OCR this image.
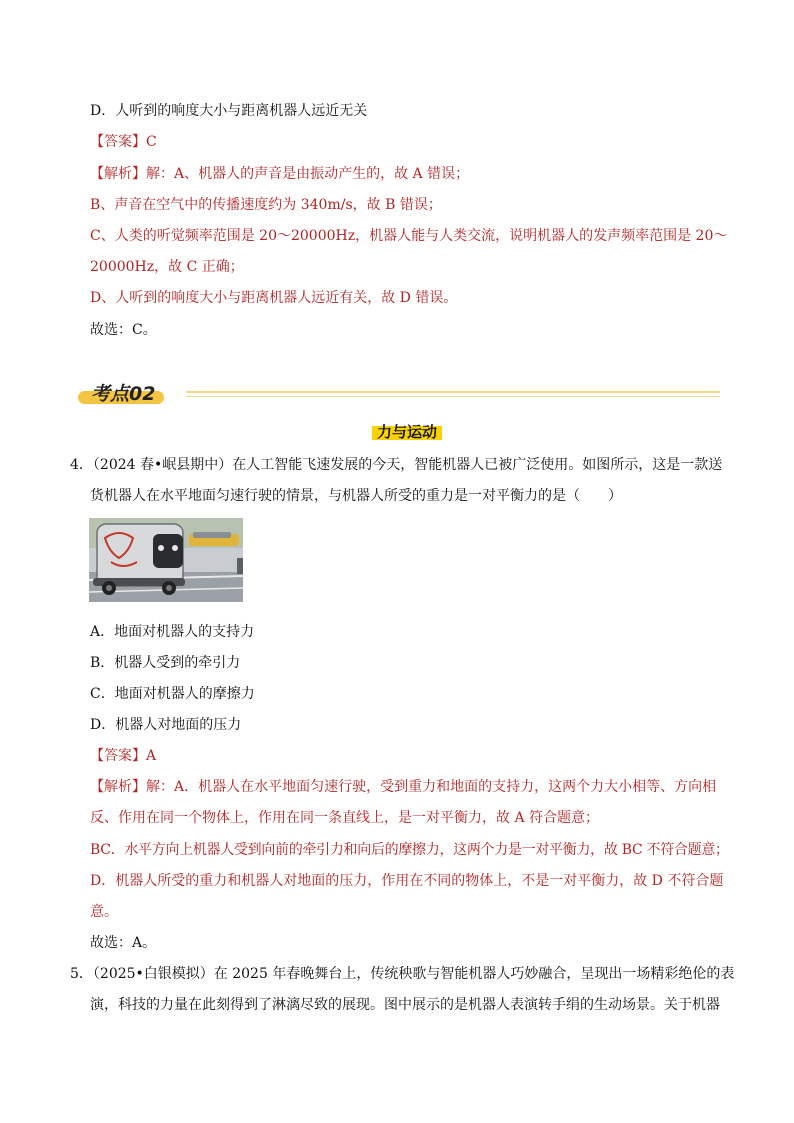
D．人听到的响度大小与距离机器人远近无关
【答案】C
【解析】解：A、机器人的声音是由振动产生的，故 A 错误；
B、声音在空气中的传播速度约为 340m/s，故 B 错误；
C、人类的听觉频率范围是 20～20000Hz，机器人能与人类交流，说明机器人的发声频率范围是 20～
20000Hz，故 C 正确；
D、人听到的响度大小与距离机器人远近有关，故 D 错误。
故选：C。
考点02
力与运动
4．（2024 春•岷县期中）在人工智能飞速发展的今天，智能机器人已被广泛使用。如图所示，这是一款送
货机器人在水平地面匀速行驶的情景，与机器人所受的重力是一对平衡力的是（　　）
A．地面对机器人的支持力
B．机器人受到的牵引力
C．地面对机器人的摩擦力
D．机器人对地面的压力
【答案】A
【解析】解：A．机器人在水平地面匀速行驶，受到重力和地面的支持力，这两个力大小相等、方向相
反、作用在同一个物体上，作用在同一条直线上，是一对平衡力，故 A 符合题意；
BC．水平方向上机器人受到向前的牵引力和向后的摩擦力，这两个力是一对平衡力，故 BC 不符合题意；
D．机器人所受的重力和机器人对地面的压力，作用在不同的物体上，不是一对平衡力，故 D 不符合题
意。
故选：A。
5．（2025•白银模拟）在 2025 年春晚舞台上，传统秧歌与智能机器人巧妙融合，呈现出一场精彩绝伦的表
演，科技的力量在此刻得到了淋漓尽致的展现。图中展示的是机器人表演转手绢的生动场景。关于机器
